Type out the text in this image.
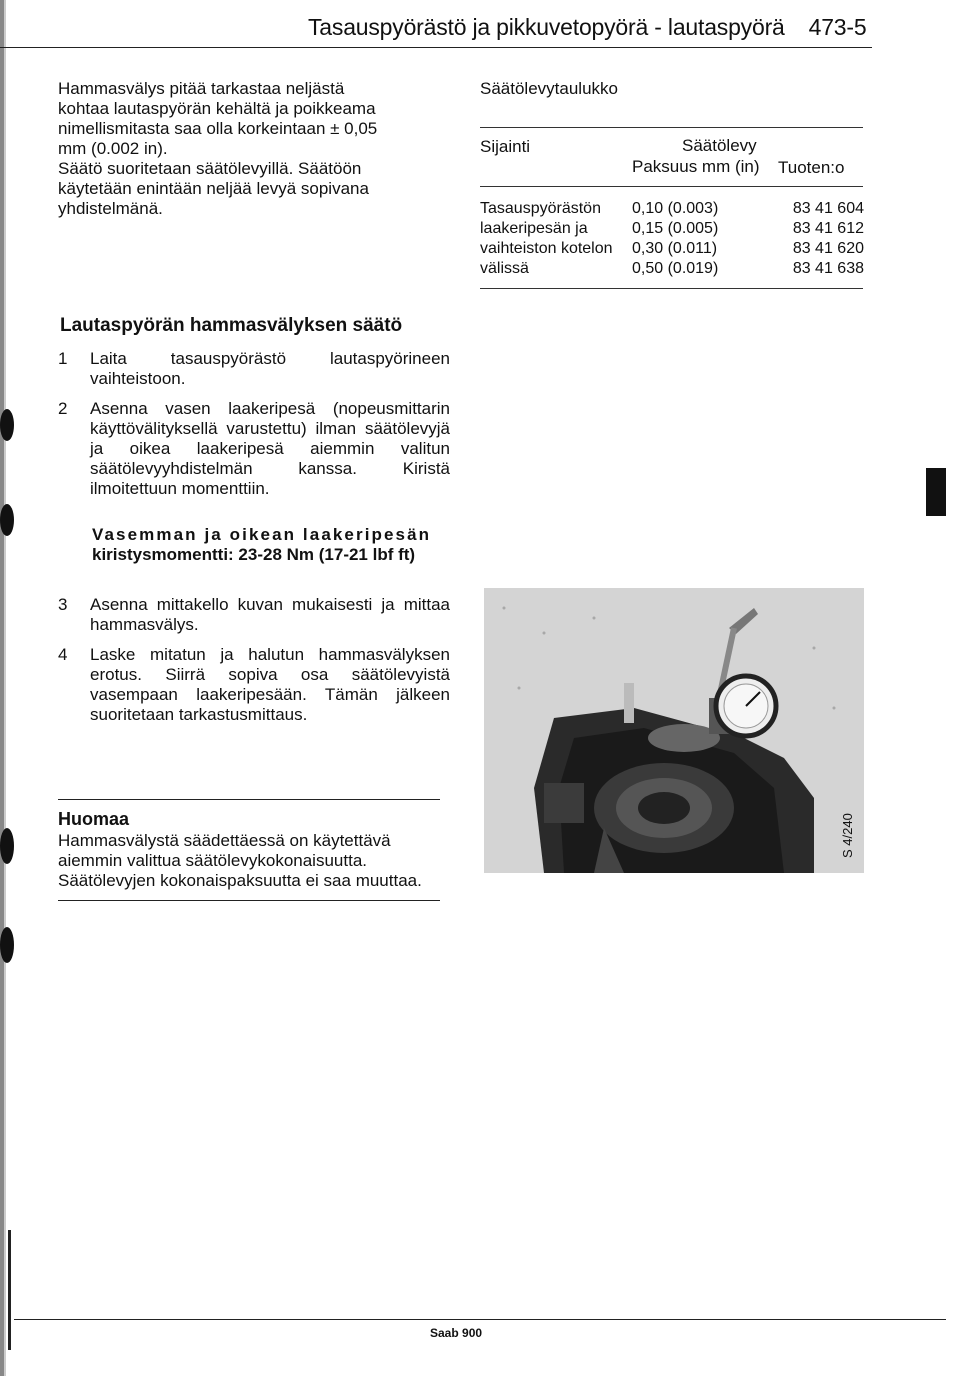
Tasauspyörästö ja pikkuvetopyörä - lautaspyörä 473-5
Hammasvälys pitää tarkastaa neljästä kohtaa lautaspyörän kehältä ja poikkeama nimellismitasta saa olla korkeintaan ± 0,05 mm (0.002 in).
Säätö suoritetaan säätölevyillä. Säätöön käytetään enintään neljää levyä sopivana yhdistelmänä.
Säätölevytaulukko
Sijainti	Säätölevy
Paksuus mm (in) Tuoten:o
Tasauspyörästön
laakeripesän ja
vaihteiston kotelon
välissä
0,10 (0.003)
0,15 (0.005)
0,30 (0.011)
0,50 (0.019)
83 41 604
83 41 612
83 41 620
83 41 638
Lautaspyörän hammasvälyksen säätö
1 Laita tasauspyörästö lautaspyörineen vaihteistoon.
2 Asenna vasen laakeripesä (nopeusmittarin käyttövälityksellä varustettu) ilman säätölevyjä ja oikea laakeripesä aiemmin valitun säätölevyyhdistelmän kanssa. Kiristä ilmoitettuun momenttiin.
Vasemman ja oikean laakeripesän
kiristysmomentti: 23-28 Nm (17-21 lbf ft)
3 Asenna mittakello kuvan mukaisesti ja mittaa hammasvälys.
4 Laske mitatun ja halutun hammasvälyksen erotus. Siirrä sopiva osa säätölevyistä vasempaan laakeripesään. Tämän jälkeen suoritetaan tarkastusmittaus.
S 4/240
Huomaa
Hammasvälystä säädettäessä on käytettävä aiemmin valittua säätölevykokonaisuutta. Säätölevyjen kokonaispaksuutta ei saa muuttaa.
Saab 900
